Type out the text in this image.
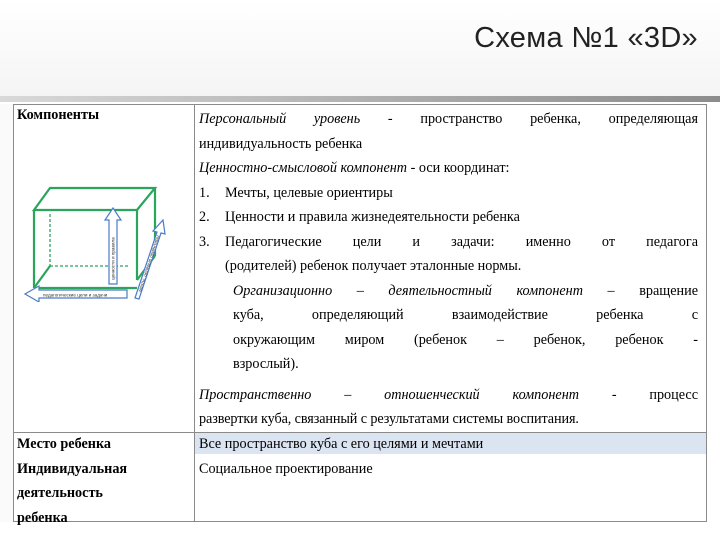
Схема №1 «3D»
Компоненты
педагогические цели и задачи
ценности и правила	мечты, целевые ориентиры
Персональный уровень - пространство ребенка, определяющая
индивидуальность ребенка
Ценностно-смысловой компонент - оси координат:
1. Мечты, целевые ориентиры
2. Ценности и правила жизнедеятельности ребенка
3.	Педагогические цели и задачи: именно от педагога
(родителей) ребенок получает эталонные нормы.
Организационно – деятельностный компонент – вращение
куба, определяющий взаимодействие ребенка с
окружающим миром (ребенок – ребенок, ребенок -
взрослый).
Пространственно – отношенческий компонент - процесс
развертки куба, связанный с результатами системы воспитания.
Место ребенка
Индивидуальная
деятельность
ребенка
Все пространство куба с его целями и мечтами
Социальное проектирование
